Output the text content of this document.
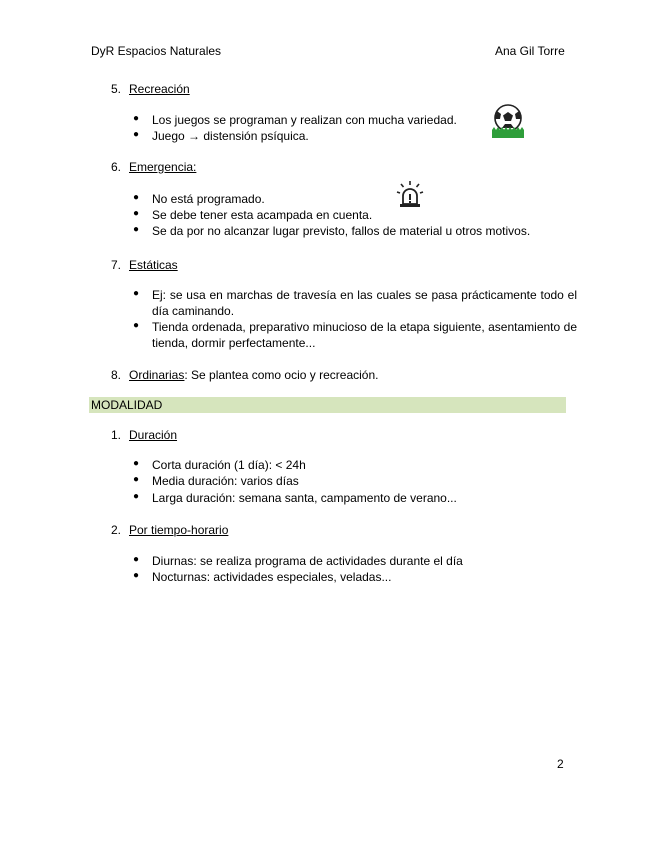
DyR Espacios Naturales	Ana Gil Torre
5. Recreación
● Los juegos se programan y realizan con mucha variedad.
● Juego → distensión psíquica.
6. Emergencia:
● No está programado.
● Se debe tener esta acampada en cuenta.
● Se da por no alcanzar lugar previsto, fallos de material u otros motivos.
7. Estáticas
● Ej: se usa en marchas de travesía en las cuales se pasa prácticamente todo el día caminando.
● Tienda ordenada, preparativo minucioso de la etapa siguiente, asentamiento de tienda, dormir perfectamente...
8. Ordinarias: Se plantea como ocio y recreación.
MODALIDAD
1. Duración
● Corta duración (1 día): < 24h
● Media duración: varios días
● Larga duración: semana santa, campamento de verano...
2. Por tiempo-horario
● Diurnas: se realiza programa de actividades durante el día
● Nocturnas: actividades especiales, veladas...
2
